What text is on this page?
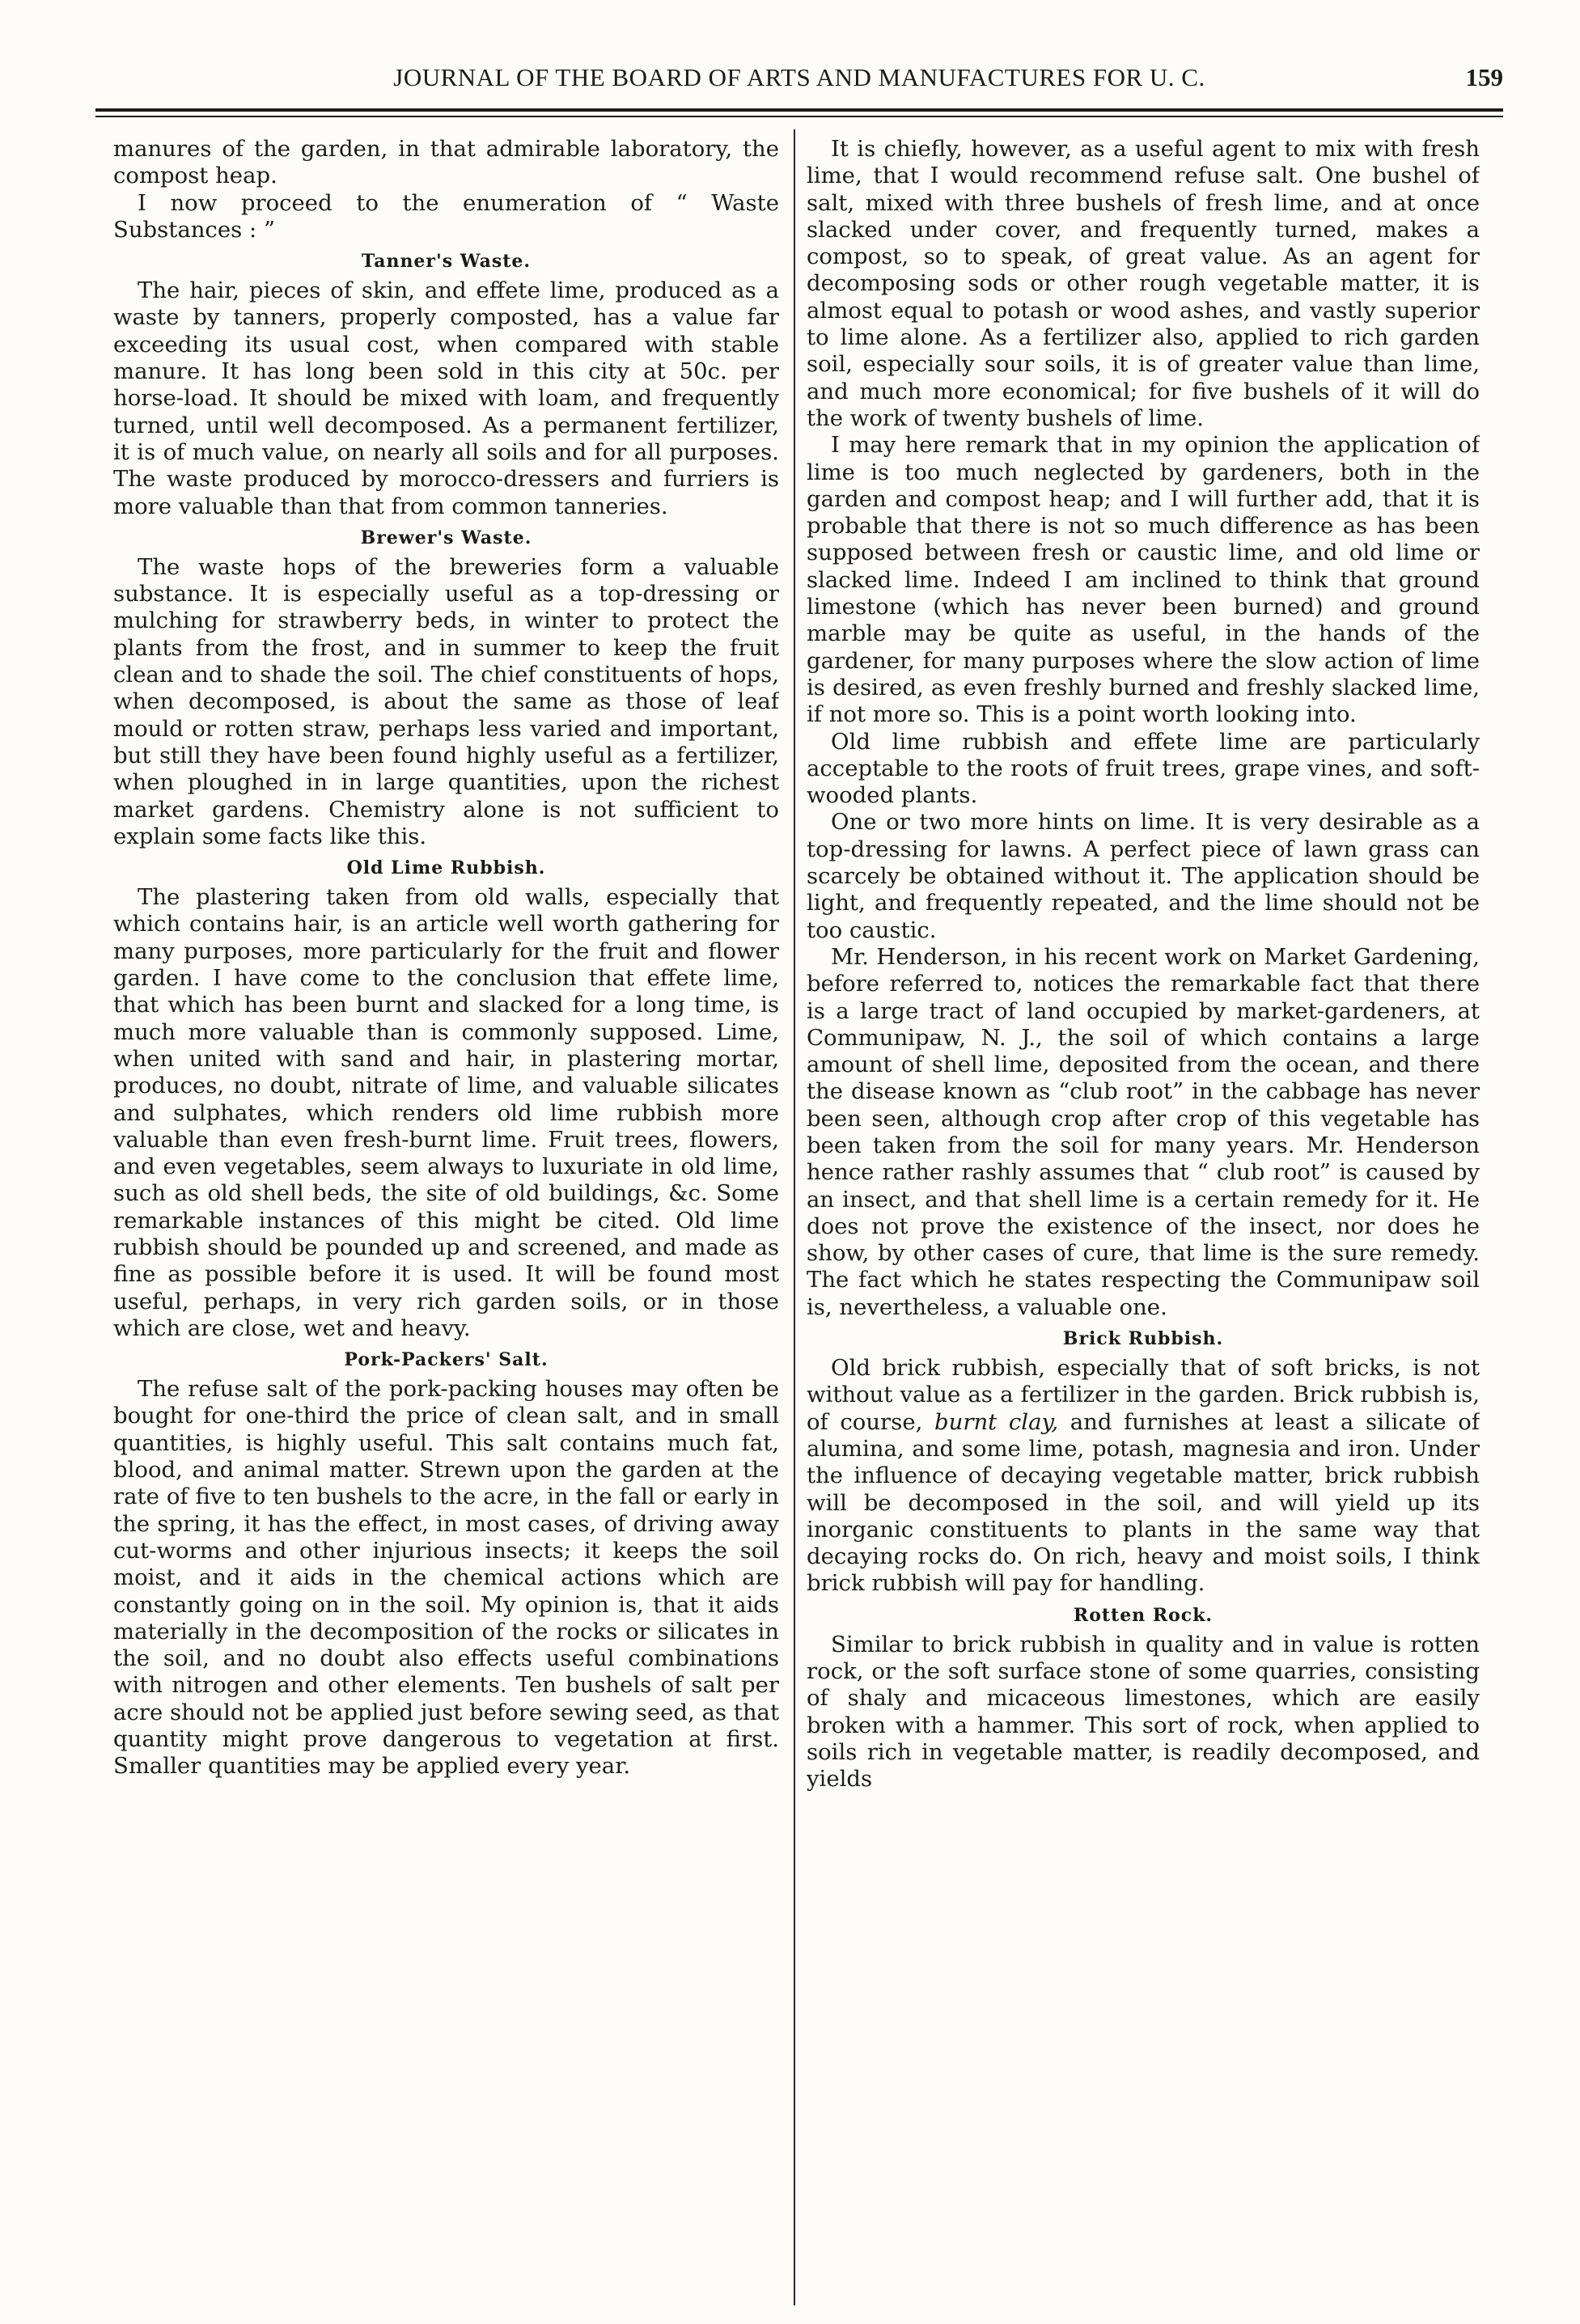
JOURNAL OF THE BOARD OF ARTS AND MANUFACTURES FOR U. C.	159

manures of the garden, in that admirable laboratory, the compost heap.

I now proceed to the enumeration of “ Waste Substances : ”

Tanner's Waste.

The hair, pieces of skin, and effete lime, produced as a waste by tanners, properly composted, has a value far exceeding its usual cost, when compared with stable manure. It has long been sold in this city at 50c. per horse-load. It should be mixed with loam, and frequently turned, until well decomposed. As a permanent fertilizer, it is of much value, on nearly all soils and for all purposes. The waste produced by morocco-dressers and furriers is more valuable than that from common tanneries.

Brewer's Waste.

The waste hops of the breweries form a valuable substance. It is especially useful as a top-dressing or mulching for strawberry beds, in winter to protect the plants from the frost, and in summer to keep the fruit clean and to shade the soil. The chief constituents of hops, when decomposed, is about the same as those of leaf mould or rotten straw, perhaps less varied and important, but still they have been found highly useful as a fertilizer, when ploughed in in large quantities, upon the richest market gardens. Chemistry alone is not sufficient to explain some facts like this.

Old Lime Rubbish.

The plastering taken from old walls, especially that which contains hair, is an article well worth gathering for many purposes, more particularly for the fruit and flower garden. I have come to the conclusion that effete lime, that which has been burnt and slacked for a long time, is much more valuable than is commonly supposed. Lime, when united with sand and hair, in plastering mortar, produces, no doubt, nitrate of lime, and valuable silicates and sulphates, which renders old lime rubbish more valuable than even fresh-burnt lime. Fruit trees, flowers, and even vegetables, seem always to luxuriate in old lime, such as old shell beds, the site of old buildings, &c. Some remarkable instances of this might be cited. Old lime rubbish should be pounded up and screened, and made as fine as possible before it is used. It will be found most useful, perhaps, in very rich garden soils, or in those which are close, wet and heavy.

Pork-Packers' Salt.

The refuse salt of the pork-packing houses may often be bought for one-third the price of clean salt, and in small quantities, is highly useful. This salt contains much fat, blood, and animal matter. Strewn upon the garden at the rate of five to ten bushels to the acre, in the fall or early in the spring, it has the effect, in most cases, of driving away cut-worms and other injurious insects; it keeps the soil moist, and it aids in the chemical actions which are constantly going on in the soil. My opinion is, that it aids materially in the decomposition of the rocks or silicates in the soil, and no doubt also effects useful combinations with nitrogen and other elements. Ten bushels of salt per acre should not be applied just before sewing seed, as that quantity might prove dangerous to vegetation at first. Smaller quantities may be applied every year.

It is chiefly, however, as a useful agent to mix with fresh lime, that I would recommend refuse salt. One bushel of salt, mixed with three bushels of fresh lime, and at once slacked under cover, and frequently turned, makes a compost, so to speak, of great value. As an agent for decomposing sods or other rough vegetable matter, it is almost equal to potash or wood ashes, and vastly superior to lime alone. As a fertilizer also, applied to rich garden soil, especially sour soils, it is of greater value than lime, and much more economical; for five bushels of it will do the work of twenty bushels of lime.

I may here remark that in my opinion the application of lime is too much neglected by gardeners, both in the garden and compost heap; and I will further add, that it is probable that there is not so much difference as has been supposed between fresh or caustic lime, and old lime or slacked lime. Indeed I am inclined to think that ground limestone (which has never been burned) and ground marble may be quite as useful, in the hands of the gardener, for many purposes where the slow action of lime is desired, as even freshly burned and freshly slacked lime, if not more so. This is a point worth looking into.

Old lime rubbish and effete lime are particularly acceptable to the roots of fruit trees, grape vines, and soft-wooded plants.

One or two more hints on lime. It is very desirable as a top-dressing for lawns. A perfect piece of lawn grass can scarcely be obtained without it. The application should be light, and frequently repeated, and the lime should not be too caustic.

Mr. Henderson, in his recent work on Market Gardening, before referred to, notices the remarkable fact that there is a large tract of land occupied by market-gardeners, at Communipaw, N. J., the soil of which contains a large amount of shell lime, deposited from the ocean, and there the disease known as “club root” in the cabbage has never been seen, although crop after crop of this vegetable has been taken from the soil for many years. Mr. Henderson hence rather rashly assumes that “ club root” is caused by an insect, and that shell lime is a certain remedy for it. He does not prove the existence of the insect, nor does he show, by other cases of cure, that lime is the sure remedy. The fact which he states respecting the Communipaw soil is, nevertheless, a valuable one.

Brick Rubbish.

Old brick rubbish, especially that of soft bricks, is not without value as a fertilizer in the garden. Brick rubbish is, of course, burnt clay, and furnishes at least a silicate of alumina, and some lime, potash, magnesia and iron. Under the influence of decaying vegetable matter, brick rubbish will be decomposed in the soil, and will yield up its inorganic constituents to plants in the same way that decaying rocks do. On rich, heavy and moist soils, I think brick rubbish will pay for handling.

Rotten Rock.

Similar to brick rubbish in quality and in value is rotten rock, or the soft surface stone of some quarries, consisting of shaly and micaceous limestones, which are easily broken with a hammer. This sort of rock, when applied to soils rich in vegetable matter, is readily decomposed, and yields
